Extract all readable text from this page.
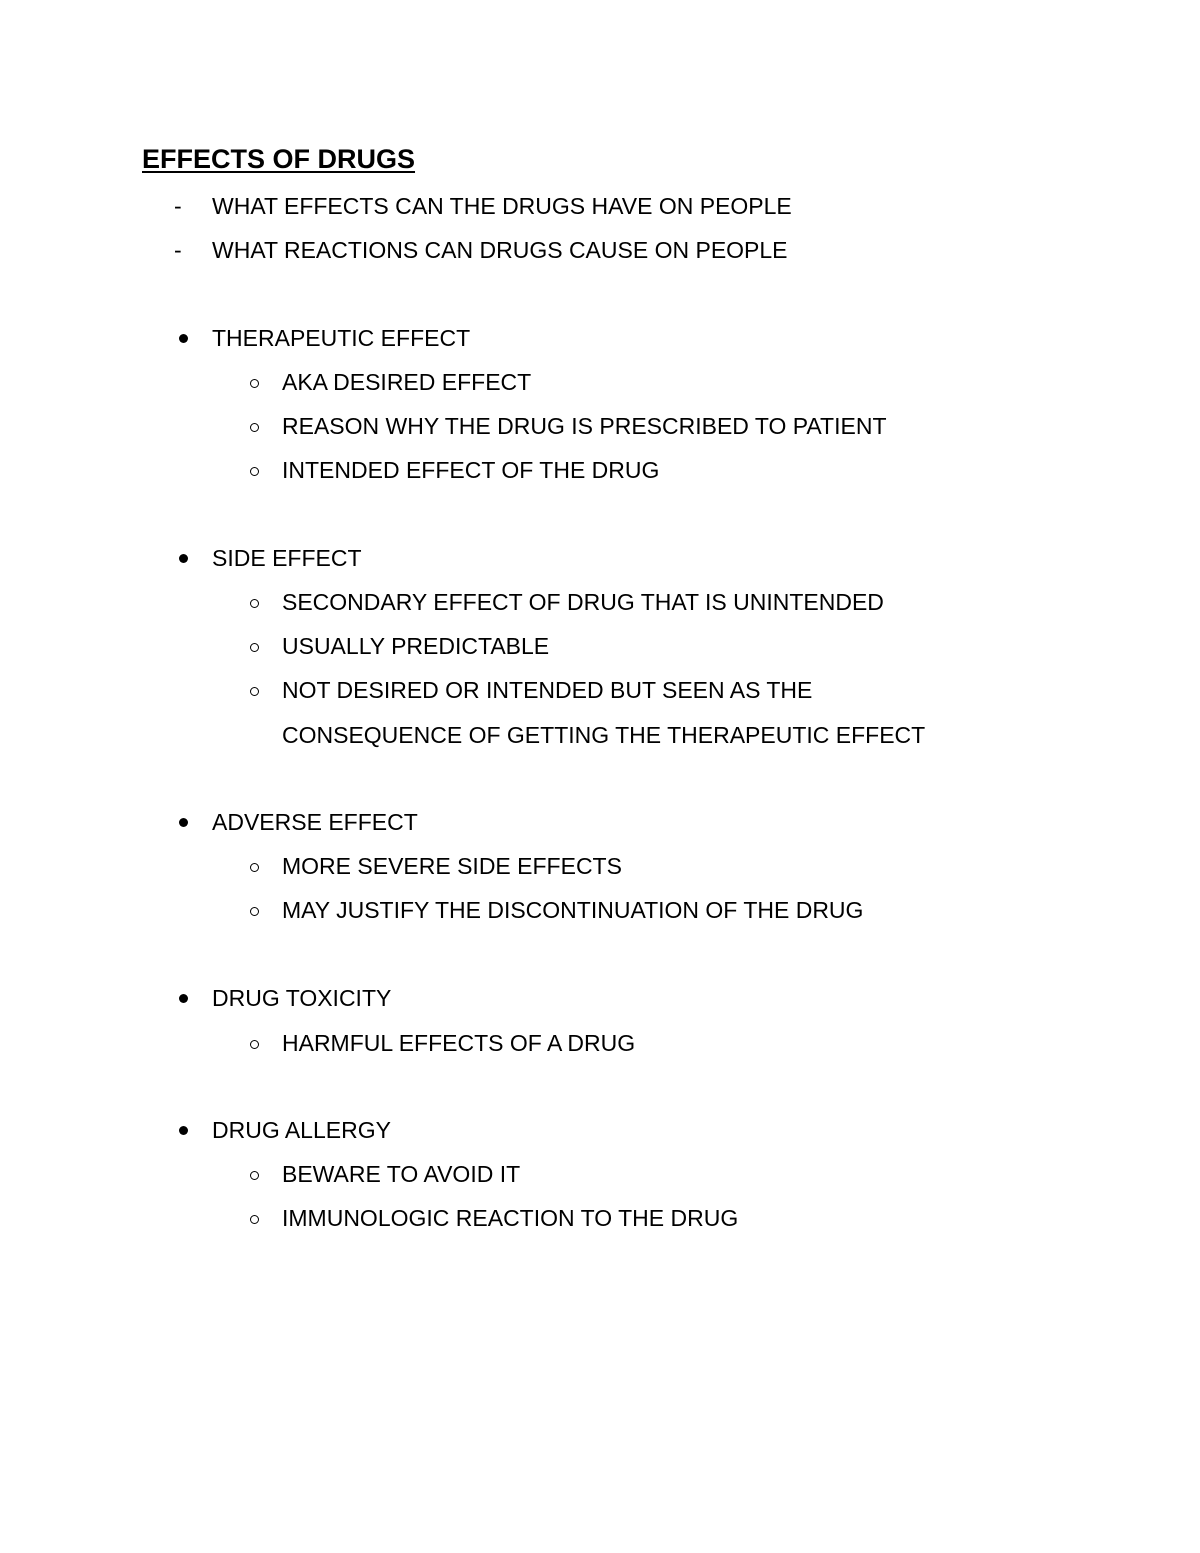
EFFECTS OF DRUGS
- WHAT EFFECTS CAN THE DRUGS HAVE ON PEOPLE
- WHAT REACTIONS CAN DRUGS CAUSE ON PEOPLE
THERAPEUTIC EFFECT
AKA DESIRED EFFECT
REASON WHY THE DRUG IS PRESCRIBED TO PATIENT
INTENDED EFFECT OF THE DRUG
SIDE EFFECT
SECONDARY EFFECT OF DRUG THAT IS UNINTENDED
USUALLY PREDICTABLE
NOT DESIRED OR INTENDED BUT SEEN AS THE
CONSEQUENCE OF GETTING THE THERAPEUTIC EFFECT
ADVERSE EFFECT
MORE SEVERE SIDE EFFECTS
MAY JUSTIFY THE DISCONTINUATION OF THE DRUG
DRUG TOXICITY
HARMFUL EFFECTS OF A DRUG
DRUG ALLERGY
BEWARE TO AVOID IT
IMMUNOLOGIC REACTION TO THE DRUG
